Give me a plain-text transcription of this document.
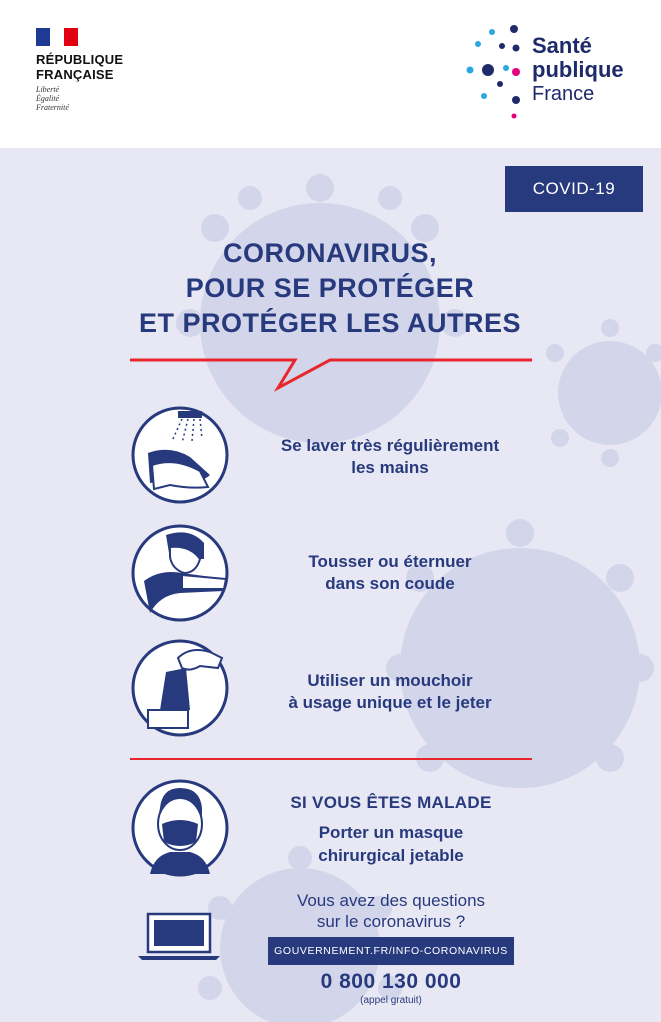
RÉPUBLIQUE
FRANÇAISE
Liberté
Égalité
Fraternité
Santé
publique
France
COVID-19
CORONAVIRUS,
POUR SE PROTÉGER
ET PROTÉGER LES AUTRES
Se laver très régulièrement
les mains
Tousser ou éternuer
dans son coude
Utiliser un mouchoir
à usage unique et le jeter
SI VOUS ÊTES MALADE
Porter un masque
chirurgical jetable
Vous avez des questions
sur le coronavirus ?
GOUVERNEMENT.FR/INFO-CORONAVIRUS
0 800 130 000
(appel gratuit)
